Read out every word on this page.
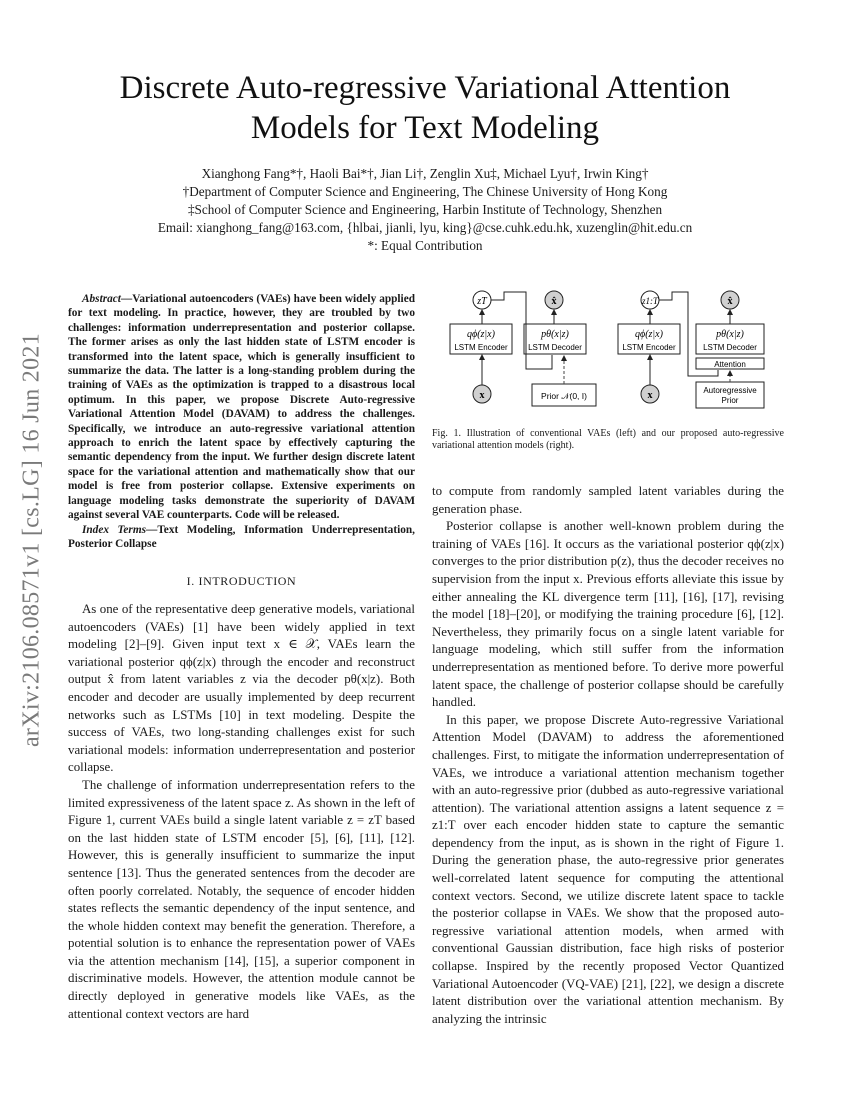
arXiv:2106.08571v1 [cs.LG] 16 Jun 2021
Discrete Auto-regressive Variational Attention
Models for Text Modeling
Xianghong Fang*†, Haoli Bai*†, Jian Li†, Zenglin Xu‡, Michael Lyu†, Irwin King†
†Department of Computer Science and Engineering, The Chinese University of Hong Kong
‡School of Computer Science and Engineering, Harbin Institute of Technology, Shenzhen
Email: xianghong_fang@163.com, {hlbai, jianli, lyu, king}@cse.cuhk.edu.hk, xuzenglin@hit.edu.cn
*: Equal Contribution

Abstract—Variational autoencoders (VAEs) have been widely applied for text modeling. In practice, however, they are troubled by two challenges: information underrepresentation and posterior collapse. The former arises as only the last hidden state of LSTM encoder is transformed into the latent space, which is generally insufficient to summarize the data. The latter is a long-standing problem during the training of VAEs as the optimization is trapped to a disastrous local optimum. In this paper, we propose Discrete Auto-regressive Variational Attention Model (DAVAM) to address the challenges. Specifically, we introduce an auto-regressive variational attention approach to enrich the latent space by effectively capturing the semantic dependency from the input. We further design discrete latent space for the variational attention and mathematically show that our model is free from posterior collapse. Extensive experiments on language modeling tasks demonstrate the superiority of DAVAM against several VAE counterparts. Code will be released.

Index Terms—Text Modeling, Information Underrepresentation, Posterior Collapse

I. INTRODUCTION

As one of the representative deep generative models, variational autoencoders (VAEs) [1] have been widely applied in text modeling [2]–[9]. Given input text x ∈ 𝒳, VAEs learn the variational posterior qϕ(z|x) through the encoder and reconstruct output x̂ from latent variables z via the decoder pθ(x|z). Both encoder and decoder are usually implemented by deep recurrent networks such as LSTMs [10] in text modeling. Despite the success of VAEs, two long-standing challenges exist for such variational models: information underrepresentation and posterior collapse.

The challenge of information underrepresentation refers to the limited expressiveness of the latent space z. As shown in the left of Figure 1, current VAEs build a single latent variable z = zT based on the last hidden state of LSTM encoder [5], [6], [11], [12]. However, this is generally insufficient to summarize the input sentence [13]. Thus the generated sentences from the decoder are often poorly correlated. Notably, the sequence of encoder hidden states reflects the semantic dependency of the input sentence, and the whole hidden context may benefit the generation. Therefore, a potential solution is to enhance the representation power of VAEs via the attention mechanism [14], [15], a superior component in discriminative models. However, the attention module cannot be directly deployed in generative models like VAEs, as the attentional context vectors are hard

zT	x̂
qϕ(z|x)
LSTM Encoder
pθ(x|z)
LSTM Decoder
x	Prior 𝒩(0, I)
z1:T	x̂
qϕ(z|x)
LSTM Encoder
pθ(x|z)
LSTM Decoder
Attention
x	Autoregressive
Prior
Fig. 1. Illustration of conventional VAEs (left) and our proposed auto-regressive variational attention models (right).

to compute from randomly sampled latent variables during the generation phase.

Posterior collapse is another well-known problem during the training of VAEs [16]. It occurs as the variational posterior qϕ(z|x) converges to the prior distribution p(z), thus the decoder receives no supervision from the input x. Previous efforts alleviate this issue by either annealing the KL divergence term [11], [16], [17], revising the model [18]–[20], or modifying the training procedure [6], [12]. Nevertheless, they primarily focus on a single latent variable for language modeling, which still suffer from the information underrepresentation as mentioned before. To derive more powerful latent space, the challenge of posterior collapse should be carefully handled.

In this paper, we propose Discrete Auto-regressive Variational Attention Model (DAVAM) to address the aforementioned challenges. First, to mitigate the information underrepresentation of VAEs, we introduce a variational attention mechanism together with an auto-regressive prior (dubbed as auto-regressive variational attention). The variational attention assigns a latent sequence z = z1:T over each encoder hidden state to capture the semantic dependency from the input, as is shown in the right of Figure 1. During the generation phase, the auto-regressive prior generates well-correlated latent sequence for computing the attentional context vectors. Second, we utilize discrete latent space to tackle the posterior collapse in VAEs. We show that the proposed auto-regressive variational attention models, when armed with conventional Gaussian distribution, face high risks of posterior collapse. Inspired by the recently proposed Vector Quantized Variational Autoencoder (VQ-VAE) [21], [22], we design a discrete latent distribution over the variational attention mechanism. By analyzing the intrinsic
